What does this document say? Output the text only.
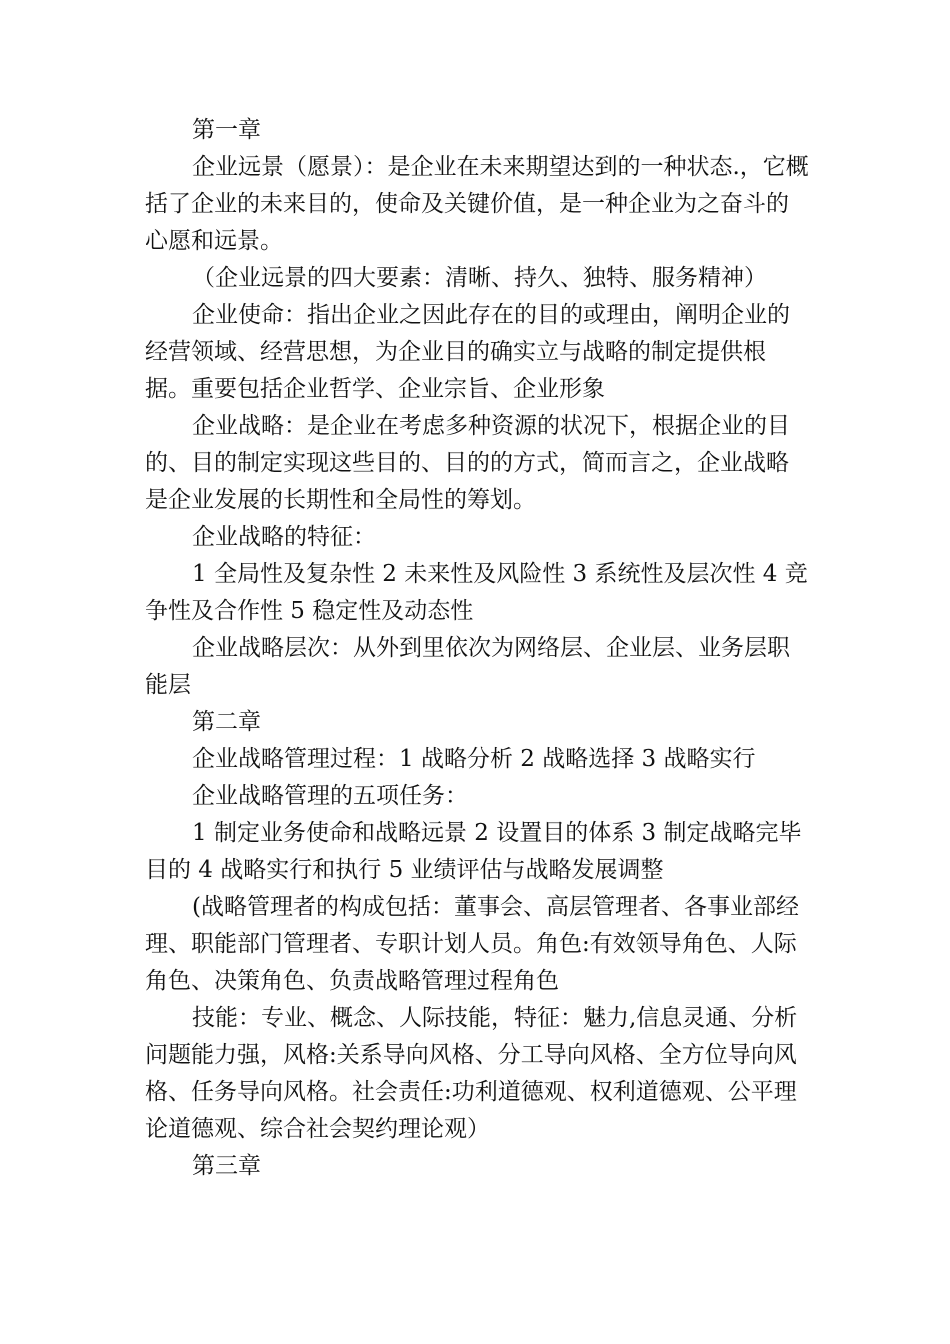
第一章

企业远景（愿景）：是企业在未来期望达到的一种状态.，它概括了企业的未来目的，使命及关键价值，是一种企业为之奋斗的心愿和远景。

（企业远景的四大要素：清晰、持久、独特、服务精神）

企业使命：指出企业之因此存在的目的或理由，阐明企业的经营领域、经营思想，为企业目的确实立与战略的制定提供根据。重要包括企业哲学、企业宗旨、企业形象

企业战略：是企业在考虑多种资源的状况下，根据企业的目的、目的制定实现这些目的、目的的方式，简而言之，企业战略是企业发展的长期性和全局性的筹划。

企业战略的特征：

1 全局性及复杂性 2 未来性及风险性 3 系统性及层次性 4 竞争性及合作性 5 稳定性及动态性

企业战略层次：从外到里依次为网络层、企业层、业务层职能层

第二章

企业战略管理过程：1 战略分析 2 战略选择 3 战略实行

企业战略管理的五项任务：

1 制定业务使命和战略远景 2 设置目的体系 3 制定战略完毕目的 4 战略实行和执行 5 业绩评估与战略发展调整

(战略管理者的构成包括：董事会、高层管理者、各事业部经理、职能部门管理者、专职计划人员。角色:有效领导角色、人际角色、决策角色、负责战略管理过程角色

技能：专业、概念、人际技能，特征：魅力,信息灵通、分析问题能力强，风格:关系导向风格、分工导向风格、全方位导向风格、任务导向风格。社会责任:功利道德观、权利道德观、公平理论道德观、综合社会契约理论观）

第三章
